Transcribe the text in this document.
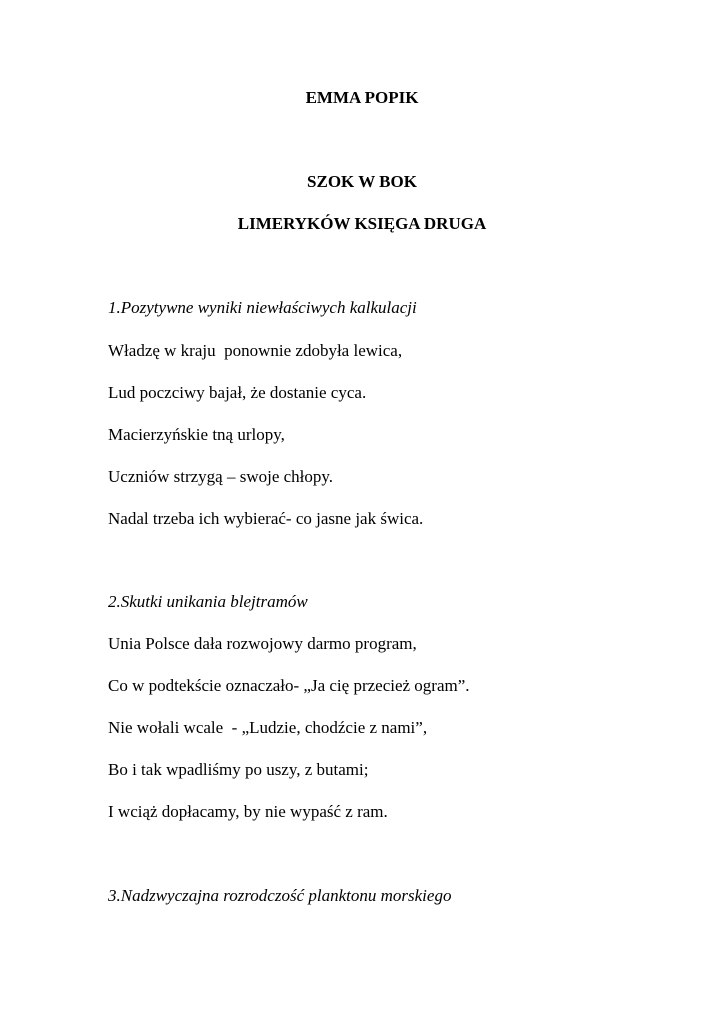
EMMA POPIK
SZOK W BOK
LIMERYKÓW KSIĘGA DRUGA
1.Pozytywne wyniki niewłaściwych kalkulacji
Władzę w kraju  ponownie zdobyła lewica,
Lud poczciwy bajał, że dostanie cyca.
Macierzyńskie tną urlopy,
Uczniów strzygą – swoje chłopy.
Nadal trzeba ich wybierać- co jasne jak świca.
2.Skutki unikania blejtramów
Unia Polsce dała rozwojowy darmo program,
Co w podtekście oznaczało- „Ja cię przecież ogram”.
Nie wołali wcale  - „Ludzie, chodźcie z nami”,
Bo i tak wpadliśmy po uszy, z butami;
I wciąż dopłacamy, by nie wypaść z ram.
3.Nadzwyczajna rozrodczość planktonu morskiego
